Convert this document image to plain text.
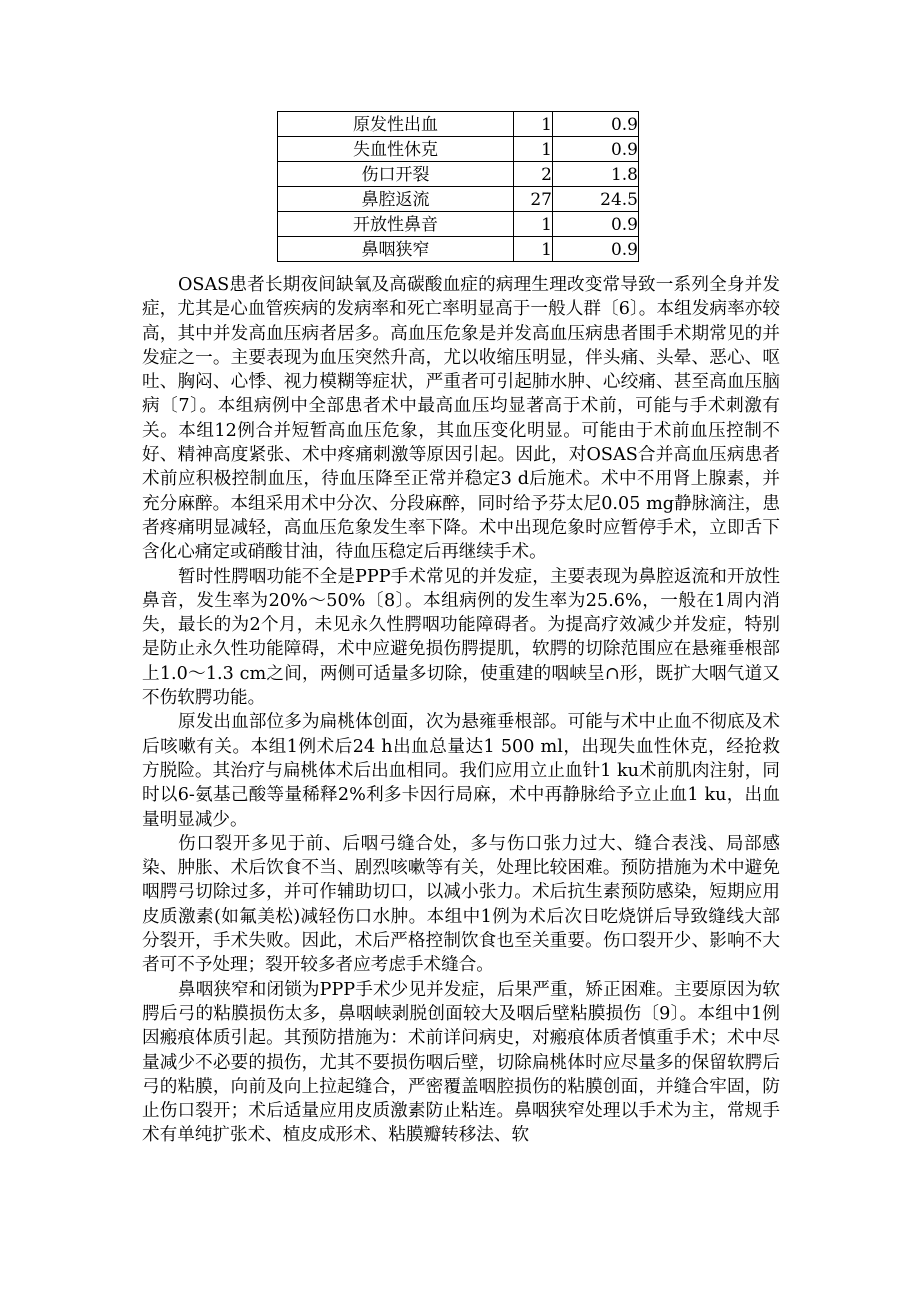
原发性出血	1	0.9
失血性休克	1	0.9
伤口开裂	2	1.8
鼻腔返流	27	24.5
开放性鼻音	1	0.9
鼻咽狭窄	1	0.9

OSAS患者长期夜间缺氧及高碳酸血症的病理生理改变常导致一系列全身并发症，尤其是心血管疾病的发病率和死亡率明显高于一般人群〔6〕。本组发病率亦较高，其中并发高血压病者居多。高血压危象是并发高血压病患者围手术期常见的并发症之一。主要表现为血压突然升高，尤以收缩压明显，伴头痛、头晕、恶心、呕吐、胸闷、心悸、视力模糊等症状，严重者可引起肺水肿、心绞痛、甚至高血压脑病〔7〕。本组病例中全部患者术中最高血压均显著高于术前，可能与手术刺激有关。本组12例合并短暂高血压危象，其血压变化明显。可能由于术前血压控制不好、精神高度紧张、术中疼痛刺激等原因引起。因此，对OSAS合并高血压病患者术前应积极控制血压，待血压降至正常并稳定3 d后施术。术中不用肾上腺素，并充分麻醉。本组采用术中分次、分段麻醉，同时给予芬太尼0.05 mg静脉滴注，患者疼痛明显减轻，高血压危象发生率下降。术中出现危象时应暂停手术，立即舌下含化心痛定或硝酸甘油，待血压稳定后再继续手术。

暂时性腭咽功能不全是PPP手术常见的并发症，主要表现为鼻腔返流和开放性鼻音，发生率为20%～50%〔8〕。本组病例的发生率为25.6%，一般在1周内消失，最长的为2个月，未见永久性腭咽功能障碍者。为提高疗效减少并发症，特别是防止永久性功能障碍，术中应避免损伤腭提肌，软腭的切除范围应在悬雍垂根部上1.0～1.3 cm之间，两侧可适量多切除，使重建的咽峡呈∩形，既扩大咽气道又不伤软腭功能。

原发出血部位多为扁桃体创面，次为悬雍垂根部。可能与术中止血不彻底及术后咳嗽有关。本组1例术后24 h出血总量达1 500 ml，出现失血性休克，经抢救方脱险。其治疗与扁桃体术后出血相同。我们应用立止血针1 ku术前肌肉注射，同时以6-氨基己酸等量稀释2%利多卡因行局麻，术中再静脉给予立止血1 ku，出血量明显减少。

伤口裂开多见于前、后咽弓缝合处，多与伤口张力过大、缝合表浅、局部感染、肿胀、术后饮食不当、剧烈咳嗽等有关，处理比较困难。预防措施为术中避免咽腭弓切除过多，并可作辅助切口，以减小张力。术后抗生素预防感染，短期应用皮质激素(如氟美松)减轻伤口水肿。本组中1例为术后次日吃烧饼后导致缝线大部分裂开，手术失败。因此，术后严格控制饮食也至关重要。伤口裂开少、影响不大者可不予处理；裂开较多者应考虑手术缝合。

鼻咽狭窄和闭锁为PPP手术少见并发症，后果严重，矫正困难。主要原因为软腭后弓的粘膜损伤太多，鼻咽峡剥脱创面较大及咽后壁粘膜损伤〔9〕。本组中1例因瘢痕体质引起。其预防措施为：术前详问病史，对瘢痕体质者慎重手术；术中尽量减少不必要的损伤，尤其不要损伤咽后壁，切除扁桃体时应尽量多的保留软腭后弓的粘膜，向前及向上拉起缝合，严密覆盖咽腔损伤的粘膜创面，并缝合牢固，防止伤口裂开；术后适量应用皮质激素防止粘连。鼻咽狭窄处理以手术为主，常规手术有单纯扩张术、植皮成形术、粘膜瓣转移法、软
